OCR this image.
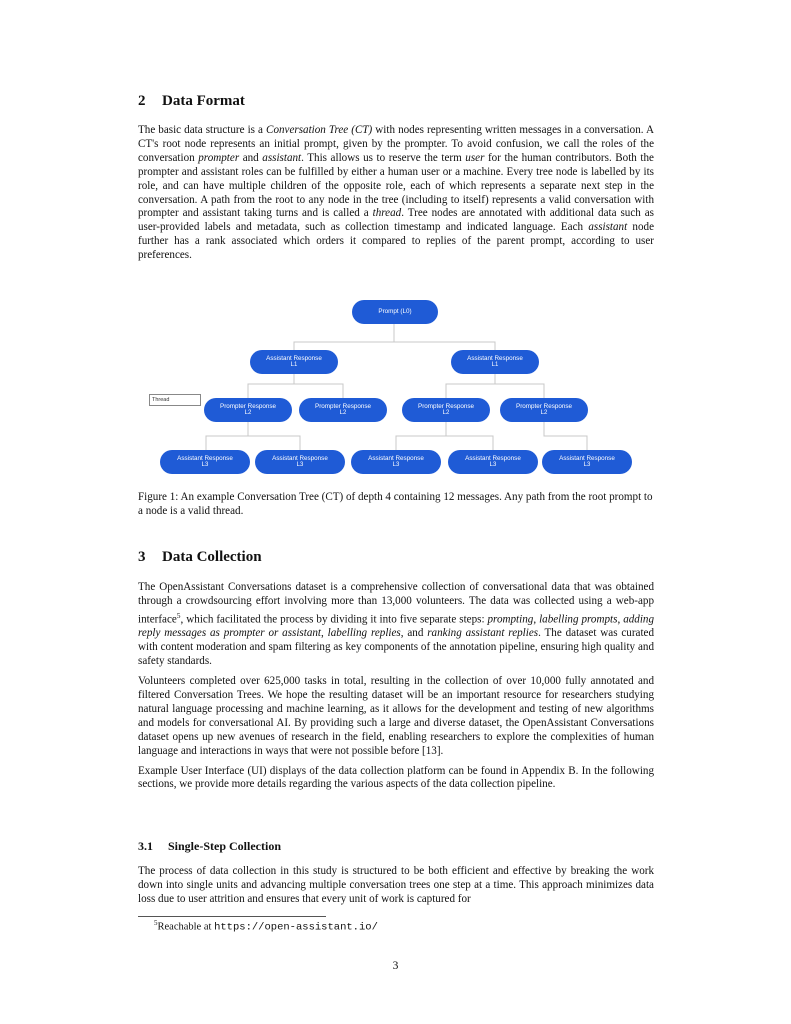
2 Data Format

The basic data structure is a Conversation Tree (CT) with nodes representing written messages in a conversation. A CT's root node represents an initial prompt, given by the prompter. To avoid confusion, we call the roles of the conversation prompter and assistant. This allows us to reserve the term user for the human contributors. Both the prompter and assistant roles can be fulfilled by either a human user or a machine. Every tree node is labelled by its role, and can have multiple children of the opposite role, each of which represents a separate next step in the conversation. A path from the root to any node in the tree (including to itself) represents a valid conversation with prompter and assistant taking turns and is called a thread. Tree nodes are annotated with additional data such as user-provided labels and metadata, such as collection timestamp and indicated language. Each assistant node further has a rank associated which orders it compared to replies of the parent prompt, according to user preferences.

Prompt (L0)
Assistant Response
L1
Assistant Response
L1
Thread
Prompter Response
L2
Prompter Response
L2
Prompter Response
L2
Prompter Response
L2
Assistant Response
L3
Assistant Response
L3
Assistant Response
L3
Assistant Response
L3
Assistant Response
L3

Figure 1: An example Conversation Tree (CT) of depth 4 containing 12 messages. Any path from the root prompt to a node is a valid thread.

3 Data Collection

The OpenAssistant Conversations dataset is a comprehensive collection of conversational data that was obtained through a crowdsourcing effort involving more than 13,000 volunteers. The data was collected using a web-app interface$^5$, which facilitated the process by dividing it into five separate steps: prompting, labelling prompts, adding reply messages as prompter or assistant, labelling replies, and ranking assistant replies. The dataset was curated with content moderation and spam filtering as key components of the annotation pipeline, ensuring high quality and safety standards.

Volunteers completed over 625,000 tasks in total, resulting in the collection of over 10,000 fully annotated and filtered Conversation Trees. We hope the resulting dataset will be an important resource for researchers studying natural language processing and machine learning, as it allows for the development and testing of new algorithms and models for conversational AI. By providing such a large and diverse dataset, the OpenAssistant Conversations dataset opens up new avenues of research in the field, enabling researchers to explore the complexities of human language and interactions in ways that were not possible before [13].

Example User Interface (UI) displays of the data collection platform can be found in Appendix B. In the following sections, we provide more details regarding the various aspects of the data collection pipeline.

3.1 Single-Step Collection

The process of data collection in this study is structured to be both efficient and effective by breaking the work down into single units and advancing multiple conversation trees one step at a time. This approach minimizes data loss due to user attrition and ensures that every unit of work is captured for

$^5$Reachable at https://open-assistant.io/
3
